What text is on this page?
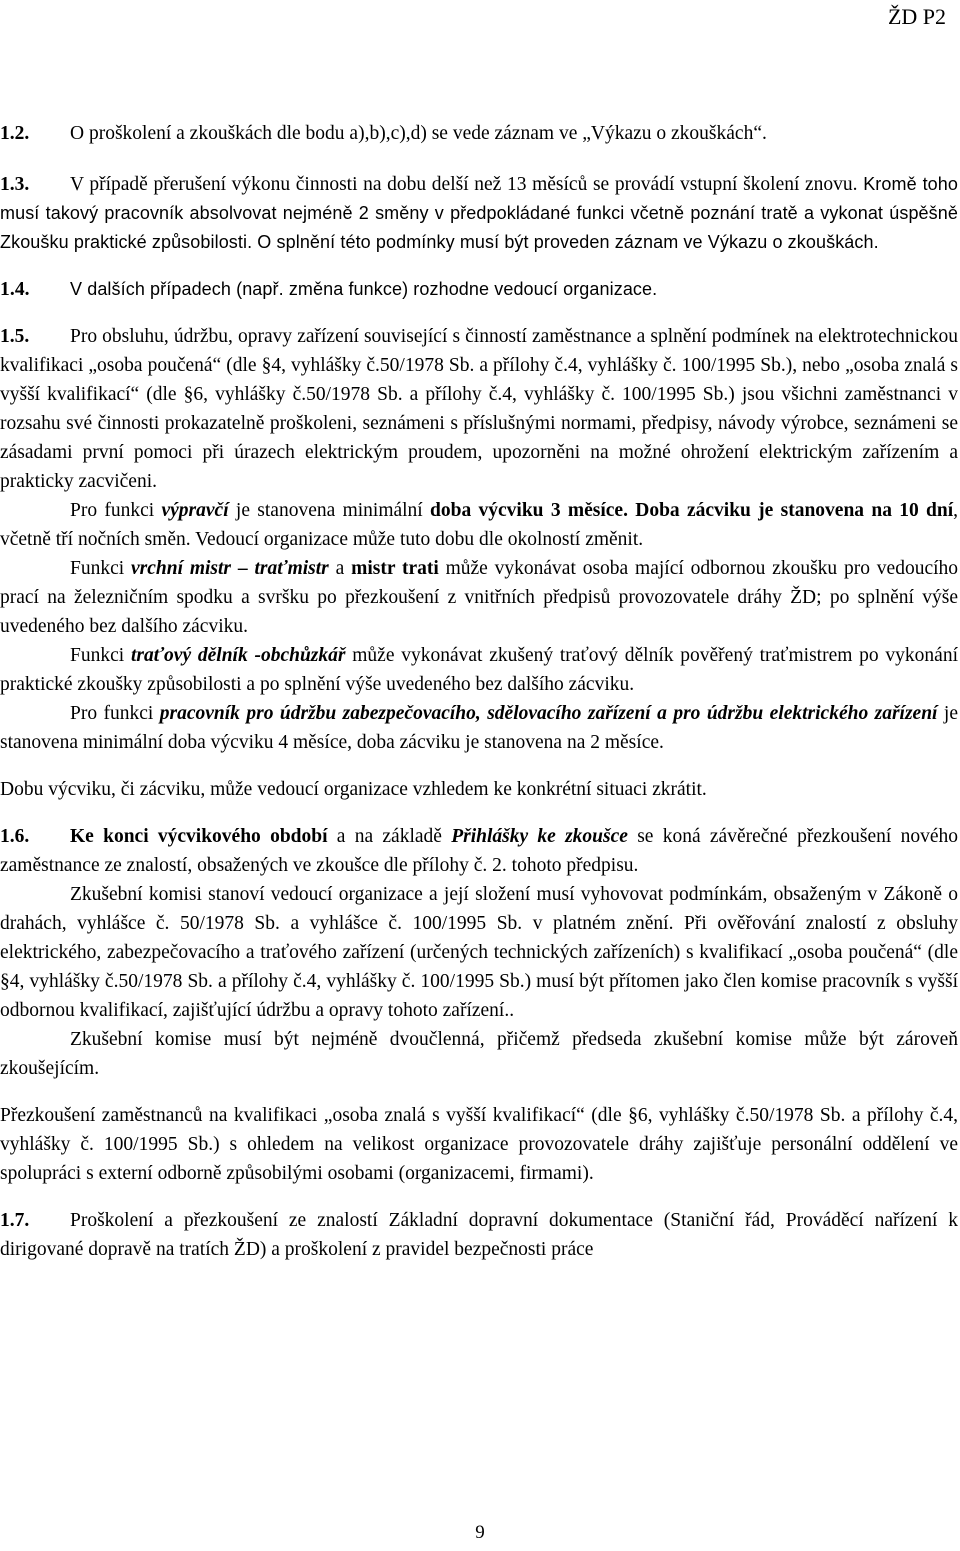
ŽD P2

1.2. O proškolení a zkouškách dle bodu a),b),c),d) se vede záznam ve „Výkazu o zkouškách“.

1.3. V případě přerušení výkonu činnosti na dobu delší než 13 měsíců se provádí vstupní školení znovu. Kromě toho musí takový pracovník absolvovat nejméně 2 směny v předpokládané funkci včetně poznání tratě a vykonat úspěšně Zkoušku praktické způsobilosti. O splnění této podmínky musí být proveden záznam ve Výkazu o zkouškách.

1.4. V dalších případech (např. změna funkce) rozhodne vedoucí organizace.

1.5. Pro obsluhu, údržbu, opravy zařízení související s činností zaměstnance a splnění podmínek na elektrotechnickou kvalifikaci „osoba poučená“ (dle §4, vyhlášky č.50/1978 Sb. a přílohy č.4, vyhlášky č. 100/1995 Sb.), nebo „osoba znalá s vyšší kvalifikací“ (dle §6, vyhlášky č.50/1978 Sb. a přílohy č.4, vyhlášky č. 100/1995 Sb.) jsou všichni zaměstnanci v rozsahu své činnosti prokazatelně proškoleni, seznámeni s příslušnými normami, předpisy, návody výrobce, seznámeni se zásadami první pomoci při úrazech elektrickým proudem, upozorněni na možné ohrožení elektrickým zařízením a prakticky zacvičeni.

Pro funkci výpravčí je stanovena minimální doba výcviku 3 měsíce. Doba zácviku je stanovena na 10 dní, včetně tří nočních směn. Vedoucí organizace může tuto dobu dle okolností změnit.

Funkci vrchní mistr – traťmistr a mistr trati může vykonávat osoba mající odbornou zkoušku pro vedoucího prací na železničním spodku a svršku po přezkoušení z vnitřních předpisů provozovatele dráhy ŽD; po splnění výše uvedeného bez dalšího zácviku.

Funkci traťový dělník -obchůzkář může vykonávat zkušený traťový dělník pověřený traťmistrem po vykonání praktické zkoušky způsobilosti a po splnění výše uvedeného bez dalšího zácviku.

Pro funkci pracovník pro údržbu zabezpečovacího, sdělovacího zařízení a pro údržbu elektrického zařízení je stanovena minimální doba výcviku 4 měsíce, doba zácviku je stanovena na 2 měsíce.

Dobu výcviku, či zácviku, může vedoucí organizace vzhledem ke konkrétní situaci zkrátit.

1.6. Ke konci výcvikového období a na základě Přihlášky ke zkoušce se koná závěrečné přezkoušení nového zaměstnance ze znalostí, obsažených ve zkoušce dle přílohy č. 2. tohoto předpisu.

Zkušební komisi stanoví vedoucí organizace a její složení musí vyhovovat podmínkám, obsaženým v Zákoně o drahách, vyhlášce č. 50/1978 Sb. a vyhlášce č. 100/1995 Sb. v platném znění. Při ověřování znalostí z obsluhy elektrického, zabezpečovacího a traťového zařízení (určených technických zařízeních) s kvalifikací „osoba poučená“ (dle §4, vyhlášky č.50/1978 Sb. a přílohy č.4, vyhlášky č. 100/1995 Sb.) musí být přítomen jako člen komise pracovník s vyšší odbornou kvalifikací, zajišťující údržbu a opravy tohoto zařízení..

Zkušební komise musí být nejméně dvoučlenná, přičemž předseda zkušební komise může být zároveň zkoušejícím.

Přezkoušení zaměstnanců na kvalifikaci „osoba znalá s vyšší kvalifikací“ (dle §6, vyhlášky č.50/1978 Sb. a přílohy č.4, vyhlášky č. 100/1995 Sb.) s ohledem na velikost organizace provozovatele dráhy zajišťuje personální oddělení ve spolupráci s externí odborně způsobilými osobami (organizacemi, firmami).

1.7. Proškolení a přezkoušení ze znalostí Základní dopravní dokumentace (Staniční řád, Prováděcí nařízení k dirigované dopravě na tratích ŽD) a proškolení z pravidel bezpečnosti práce

9
